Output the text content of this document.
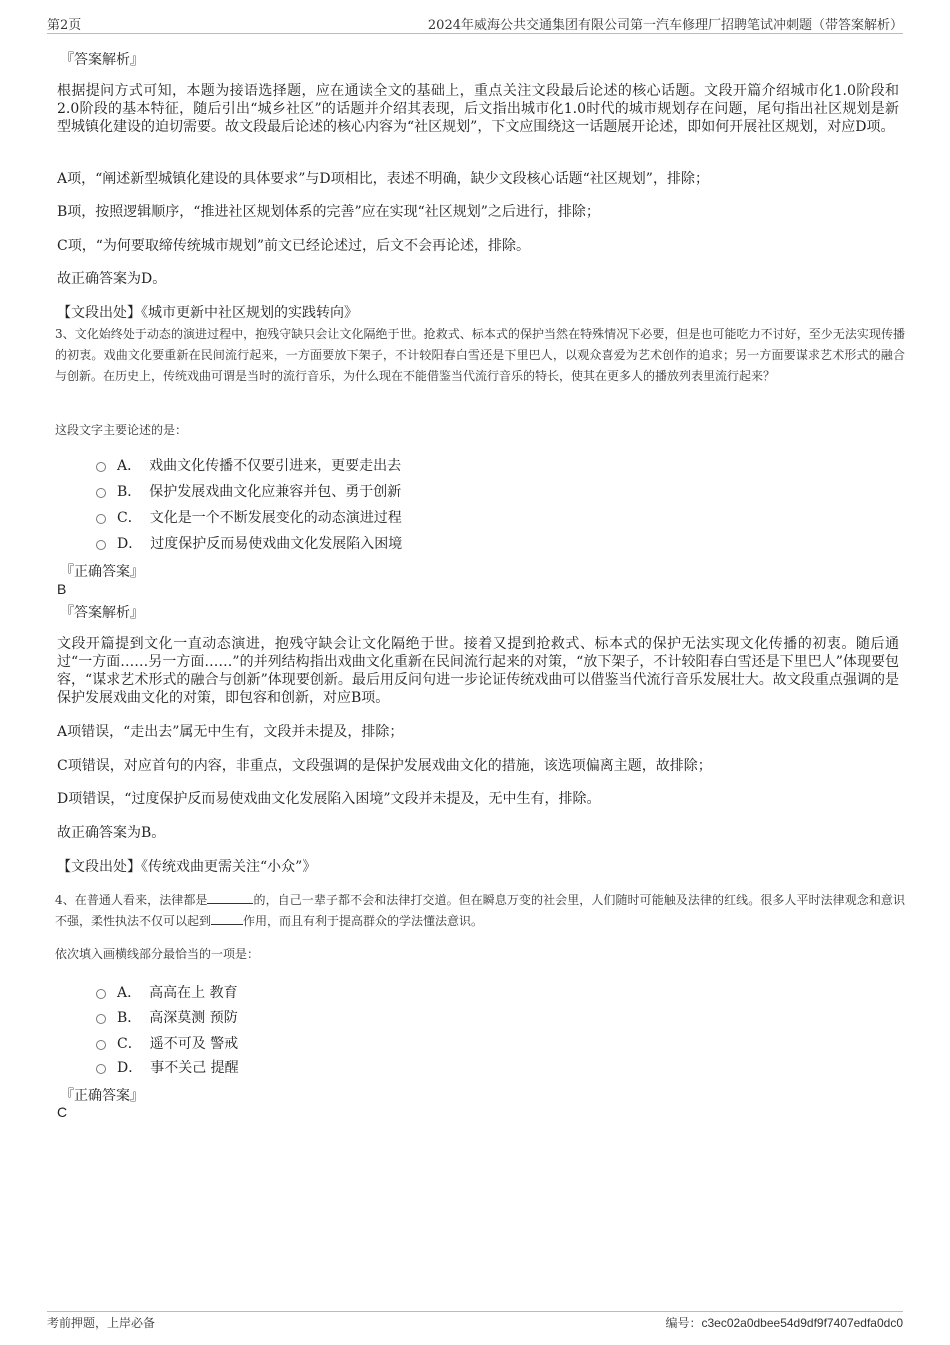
第2页	2024年威海公共交通集团有限公司第一汽车修理厂招聘笔试冲刺题（带答案解析）
『答案解析』
根据提问方式可知，本题为接语选择题，应在通读全文的基础上，重点关注文段最后论述的核心话题。文段开篇介绍城市化1.0阶段和2.0阶段的基本特征，随后引出“城乡社区”的话题并介绍其表现，后文指出城市化1.0时代的城市规划存在问题，尾句指出社区规划是新型城镇化建设的迫切需要。故文段最后论述的核心内容为“社区规划”，下文应围绕这一话题展开论述，即如何开展社区规划，对应D项。
A项，“阐述新型城镇化建设的具体要求”与D项相比，表述不明确，缺少文段核心话题“社区规划”，排除；
B项，按照逻辑顺序，“推进社区规划体系的完善”应在实现“社区规划”之后进行，排除；
C项，“为何要取缔传统城市规划”前文已经论述过，后文不会再论述，排除。
故正确答案为D。
【文段出处】《城市更新中社区规划的实践转向》
3、文化始终处于动态的演进过程中，抱残守缺只会让文化隔绝于世。抢救式、标本式的保护当然在特殊情况下必要，但是也可能吃力不讨好，至少无法实现传播的初衷。戏曲文化要重新在民间流行起来，一方面要放下架子，不计较阳春白雪还是下里巴人，以观众喜爱为艺术创作的追求；另一方面要谋求艺术形式的融合与创新。在历史上，传统戏曲可谓是当时的流行音乐，为什么现在不能借鉴当代流行音乐的特长，使其在更多人的播放列表里流行起来？
这段文字主要论述的是：
A． 戏曲文化传播不仅要引进来，更要走出去
B． 保护发展戏曲文化应兼容并包、勇于创新
C． 文化是一个不断发展变化的动态演进过程
D． 过度保护反而易使戏曲文化发展陷入困境
『正确答案』
B
『答案解析』
文段开篇提到文化一直动态演进，抱残守缺会让文化隔绝于世。接着又提到抢救式、标本式的保护无法实现文化传播的初衷。随后通过“一方面……另一方面……”的并列结构指出戏曲文化重新在民间流行起来的对策，“放下架子，不计较阳春白雪还是下里巴人”体现要包容，“谋求艺术形式的融合与创新”体现要创新。最后用反问句进一步论证传统戏曲可以借鉴当代流行音乐发展壮大。故文段重点强调的是保护发展戏曲文化的对策，即包容和创新，对应B项。
A项错误，“走出去”属无中生有，文段并未提及，排除；
C项错误，对应首句的内容，非重点，文段强调的是保护发展戏曲文化的措施，该选项偏离主题，故排除；
D项错误，“过度保护反而易使戏曲文化发展陷入困境”文段并未提及，无中生有，排除。
故正确答案为B。
【文段出处】《传统戏曲更需关注“小众”》
4、在普通人看来，法律都是	的，自己一辈子都不会和法律打交道。但在瞬息万变的社会里，人们随时可能触及法律的红线。很多人平时法律观念和意识不强，柔性执法不仅可以起到	作用，而且有利于提高群众的学法懂法意识。
依次填入画横线部分最恰当的一项是：
A． 高高在上 教育
B． 高深莫测 预防
C． 遥不可及 警戒
D． 事不关己 提醒
『正确答案』
C
考前押题，上岸必备	编号：c3ec02a0dbee54d9df9f7407edfa0dc0
